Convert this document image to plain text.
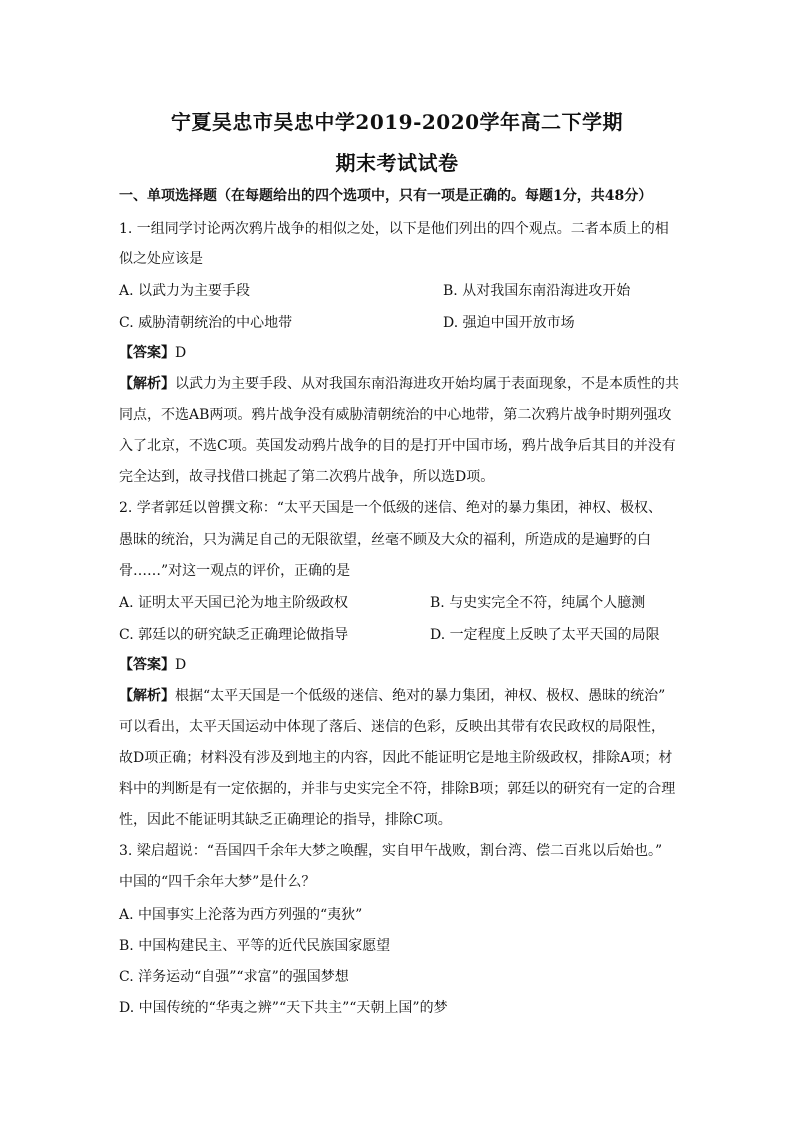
宁夏吴忠市吴忠中学2019-2020学年高二下学期
期末考试试卷
一、单项选择题（在每题给出的四个选项中，只有一项是正确的。每题1分，共48分）
1. 一组同学讨论两次鸦片战争的相似之处，以下是他们列出的四个观点。二者本质上的相
似之处应该是
A. 以武力为主要手段	B. 从对我国东南沿海进攻开始
C. 威胁清朝统治的中心地带	D. 强迫中国开放市场
【答案】D
【解析】以武力为主要手段、从对我国东南沿海进攻开始均属于表面现象，不是本质性的共
同点，不选AB两项。鸦片战争没有威胁清朝统治的中心地带，第二次鸦片战争时期列强攻
入了北京，不选C项。英国发动鸦片战争的目的是打开中国市场，鸦片战争后其目的并没有
完全达到，故寻找借口挑起了第二次鸦片战争，所以选D项。
2. 学者郭廷以曾撰文称：“太平天国是一个低级的迷信、绝对的暴力集团，神权、极权、
愚昧的统治，只为满足自己的无限欲望，丝毫不顾及大众的福利，所造成的是遍野的白
骨……”对这一观点的评价，正确的是
A. 证明太平天国已沦为地主阶级政权	B. 与史实完全不符，纯属个人臆测
C. 郭廷以的研究缺乏正确理论做指导	D. 一定程度上反映了太平天国的局限
【答案】D
【解析】根据“太平天国是一个低级的迷信、绝对的暴力集团，神权、极权、愚昧的统治”
可以看出，太平天国运动中体现了落后、迷信的色彩，反映出其带有农民政权的局限性，
故D项正确；材料没有涉及到地主的内容，因此不能证明它是地主阶级政权，排除A项；材
料中的判断是有一定依据的，并非与史实完全不符，排除B项；郭廷以的研究有一定的合理
性，因此不能证明其缺乏正确理论的指导，排除C项。
3. 梁启超说：“吾国四千余年大梦之唤醒，实自甲午战败，割台湾、偿二百兆以后始也。”
中国的“四千余年大梦”是什么？
A. 中国事实上沦落为西方列强的“夷狄”
B. 中国构建民主、平等的近代民族国家愿望
C. 洋务运动“自强”“求富”的强国梦想
D. 中国传统的“华夷之辨”“天下共主”“天朝上国”的梦
